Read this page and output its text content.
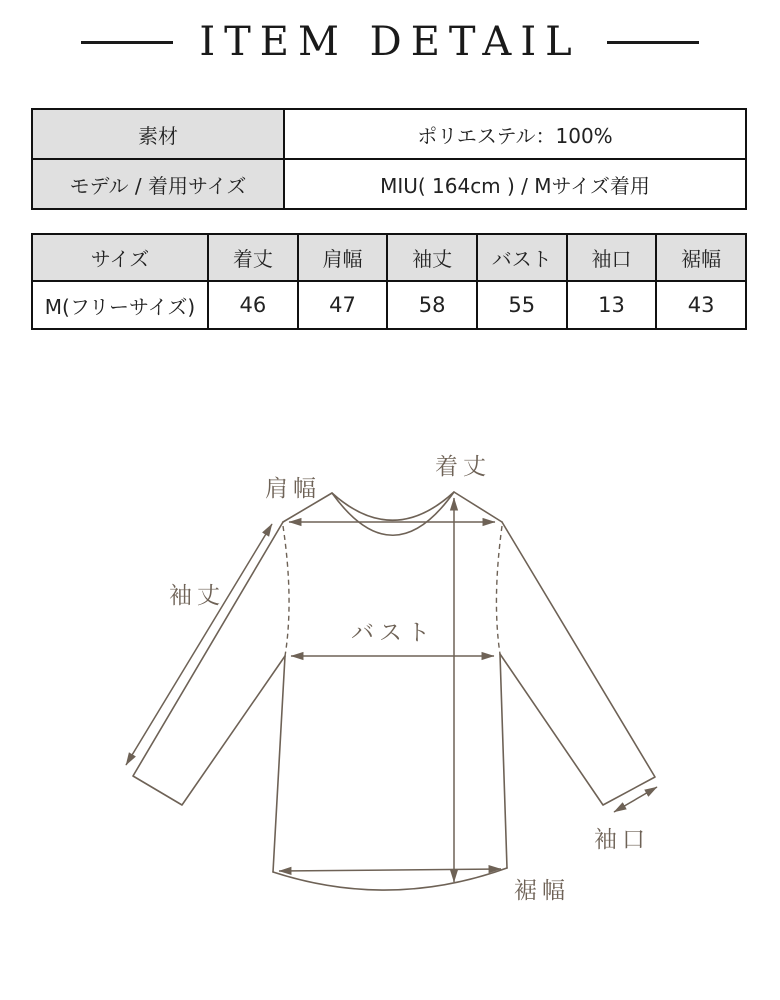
ITEM DETAIL
素材	ポリエステル：100%
モデル / 着用サイズ	MIU( 164cm ) / Mサイズ着用
サイズ	着丈	肩幅	袖丈	バスト	袖口	裾幅
M(フリーサイズ)	46	47	58	55	13	43
肩幅
着丈
袖丈
バスト
袖口
裾幅
